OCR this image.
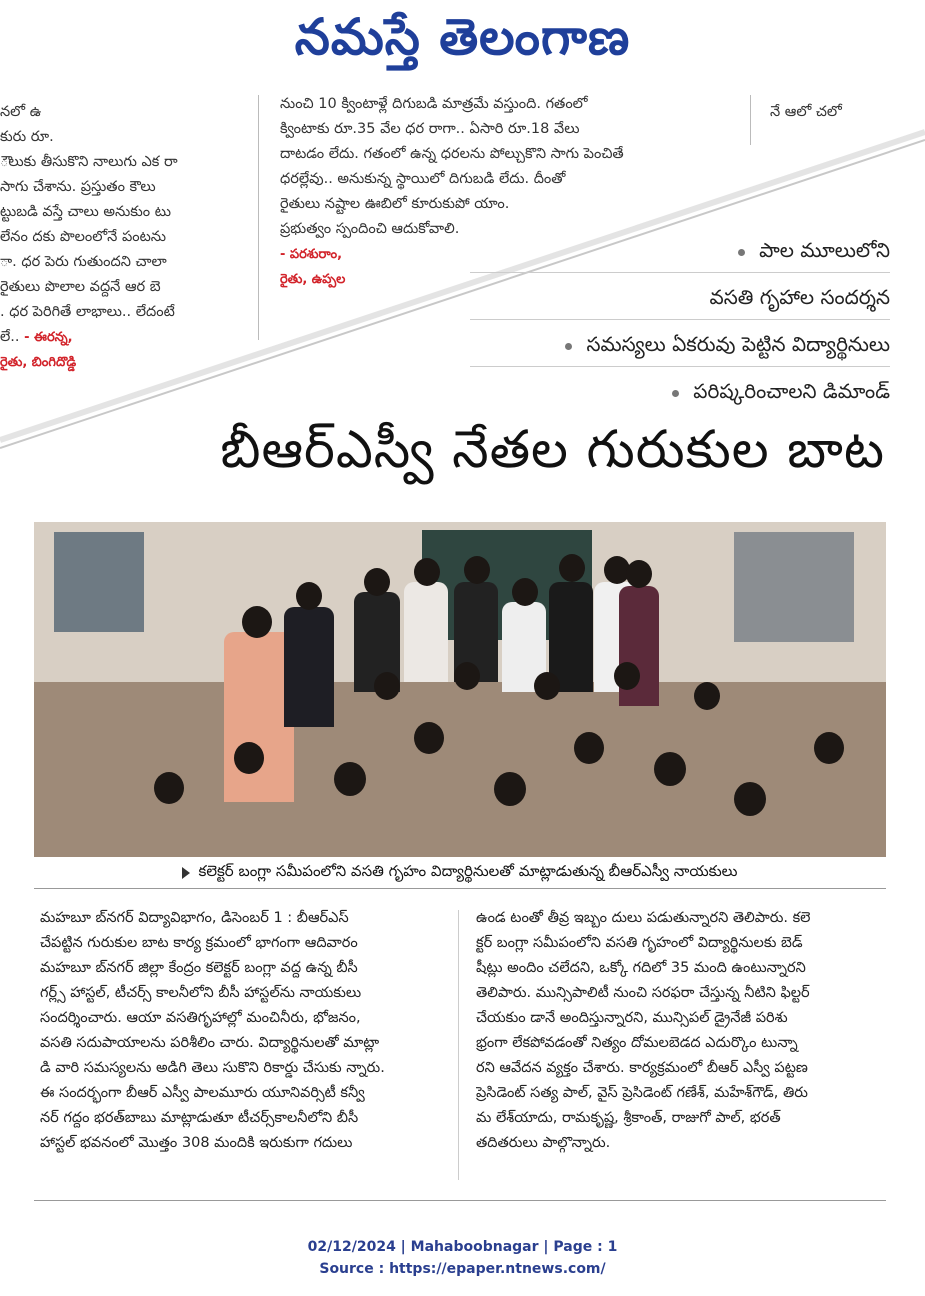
నమస్తే తెలంగాణ

నలో ఉ

కురు రూ.

ౌలుకు తీసుకొని నాలుగు ఎక రా

సాగు చేశాను. ప్రస్తుతం కౌలు

ట్టుబడి వస్తే చాలు అనుకుం టు

లేనం దకు పొలంలోనే పంటను

ా. ధర పెరు గుతుందని చాలా

రైతులు పొలాల వద్దనే ఆర బె

. ధర పెరిగితే లాభాలు.. లేదంటే

లే.. - ఈరన్న,

రైతు, బింగిదొడ్డి

నుంచి 10 క్వింటాళ్లే దిగుబడి మాత్రమే వస్తుంది. గతంలో

క్వింటాకు రూ.35 వేల ధర రాగా.. ఏసారి రూ.18 వేలు

దాటడం లేదు. గతంలో ఉన్న ధరలను పోల్చుకొని సాగు పెంచితే

ధరల్లేవు.. అనుకున్న స్థాయిలో దిగుబడి లేదు. దీంతో

రైతులు నష్టాల ఊబిలో కూరుకుపో యాం.

ప్రభుత్వం స్పందించి ఆదుకోవాలి.

- పరశురాం,

రైతు, ఉప్పల

నే ఆలో చలో

పాల మూలులోని
వసతి గృహాల సందర్శన
సమస్యలు ఏకరువు పెట్టిన విద్యార్థినులు
పరిష్కరించాలని డిమాండ్
బీఆర్ఎస్వీ నేతల గురుకుల బాట
కలెక్టర్ బంగ్లా సమీపంలోని వసతి గృహం విద్యార్థినులతో మాట్లాడుతున్న బీఆర్ఎస్వీ నాయకులు

మహబూ బ్‌నగర్ విద్యావిభాగం, డిసెంబర్ 1 : బీఆర్ఎస్

చేపట్టిన గురుకుల బాట కార్య క్రమంలో భాగంగా ఆదివారం

మహబూ బ్‌నగర్ జిల్లా కేంద్రం కలెక్టర్ బంగ్లా వద్ద ఉన్న బీసీ

గర్ల్స్ హాస్టల్, టీచర్స్ కాలనీలోని బీసీ హాస్టల్‌ను నాయకులు

సందర్శించారు. ఆయా వసతిగృహాల్లో మంచినీరు, భోజనం,

వసతి సదుపాయాలను పరిశీలిం చారు. విద్యార్థినులతో మాట్లా

డి వారి సమస్యలను అడిగి తెలు సుకొని రికార్డు చేసుకు న్నారు.

ఈ సందర్భంగా బీఆర్ ఎస్వీ పాలమూరు యూనివర్సిటీ కన్వీ

నర్ గద్దం భరత్‌బాబు మాట్లాడుతూ టీచర్స్‌కాలనీలోని బీసీ

హాస్టల్ భవనంలో మొత్తం 308 మందికి ఇరుకుగా గదులు

ఉండ టంతో తీవ్ర ఇబ్బం దులు పడుతున్నారని తెలిపారు. కలె

క్టర్ బంగ్లా సమీపంలోని వసతి గృహంలో విద్యార్థినులకు బెడ్

షీట్లు అందిం చలేదని, ఒక్కో గదిలో 35 మంది ఉంటున్నారని

తెలిపారు. మున్సిపాలిటీ నుంచి సరఫరా చేస్తున్న నీటిని ఫిల్టర్

చేయకుం డానే అందిస్తున్నారని, మున్సిపల్ డ్రైనేజీ పరిశు

భ్రంగా లేకపోవడంతో నిత్యం దోమలబెడద ఎదుర్కొం టున్నా

రని ఆవేదన వ్యక్తం చేశారు. కార్యక్రమంలో బీఆర్ ఎస్వీ పట్టణ

ప్రెసిడెంట్ సత్య పాల్, వైస్ ప్రెసిడెంట్ గణేశ్, మహేశ్‌గౌడ్, తిరు

మ లేశ్‌యాదు, రామకృష్ణ, శ్రీకాంత్, రాజుగో పాల్, భరత్

తదితరులు పాల్గొన్నారు.

02/12/2024 | Mahaboobnagar | Page : 1
Source : https://epaper.ntnews.com/
